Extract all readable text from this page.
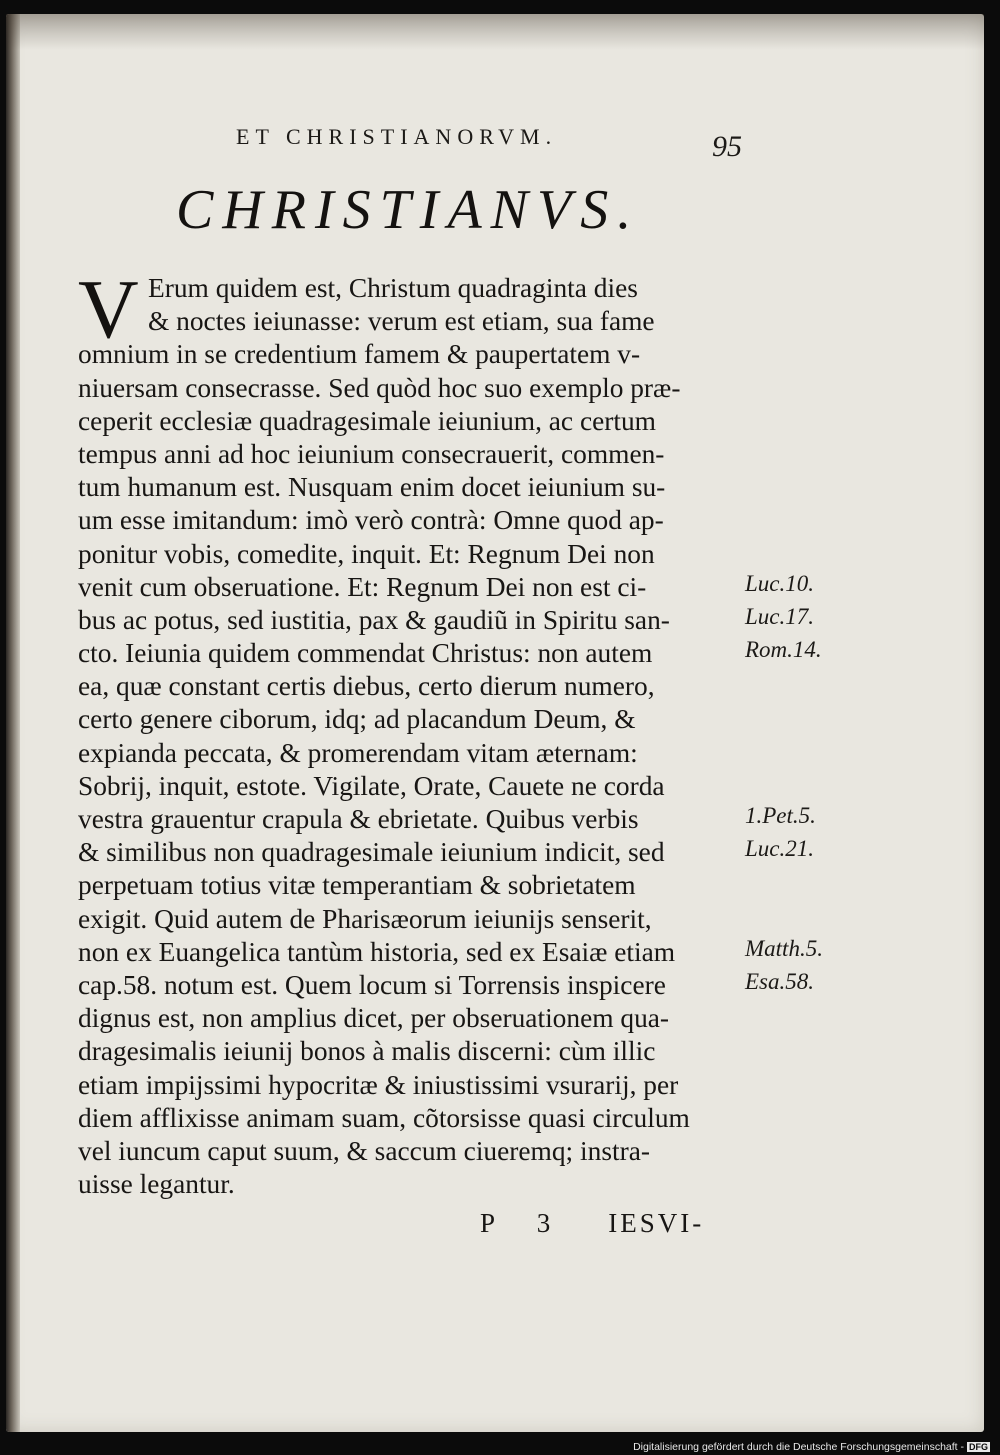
ET CHRISTIANORVM.	95
CHRISTIANVS.
V Erum quidem est, Christum quadraginta dies
& noctes ieiunasse: verum est etiam, sua fame
omnium in se credentium famem & paupertatem v-
niuersam consecrasse. Sed quòd hoc suo exemplo præ-
ceperit ecclesiæ quadragesimale ieiunium, ac certum
tempus anni ad hoc ieiunium consecrauerit, commen-
tum humanum est. Nusquam enim docet ieiunium su-
um esse imitandum: imò verò contrà: Omne quod ap-
ponitur vobis, comedite, inquit. Et: Regnum Dei non
venit cum obseruatione. Et: Regnum Dei non est ci-
bus ac potus, sed iustitia, pax & gaudiũ in Spiritu san-
cto. Ieiunia quidem commendat Christus: non autem
ea, quæ constant certis diebus, certo dierum numero,
certo genere ciborum, idq; ad placandum Deum, &
expianda peccata, & promerendam vitam æternam:
Sobrij, inquit, estote. Vigilate, Orate, Cauete ne corda
vestra grauentur crapula & ebrietate. Quibus verbis
& similibus non quadragesimale ieiunium indicit, sed
perpetuam totius vitæ temperantiam & sobrietatem
exigit. Quid autem de Pharisæorum ieiunijs senserit,
non ex Euangelica tantùm historia, sed ex Esaiæ etiam
cap.58. notum est. Quem locum si Torrensis inspicere
dignus est, non amplius dicet, per obseruationem qua-
dragesimalis ieiunij bonos à malis discerni: cùm illic
etiam impijssimi hypocritæ & iniustissimi vsurarij, per
diem afflixisse animam suam, cõtorsisse quasi circulum
vel iuncum caput suum, & saccum ciueremq; instra-
uisse legantur.
Luc.10.
Luc.17.
Rom.14.
1.Pet.5.
Luc.21.
Matth.5.
Esa.58.
P 3 IESVI-
Digitalisierung gefördert durch die Deutsche Forschungsgemeinschaft - DFG
